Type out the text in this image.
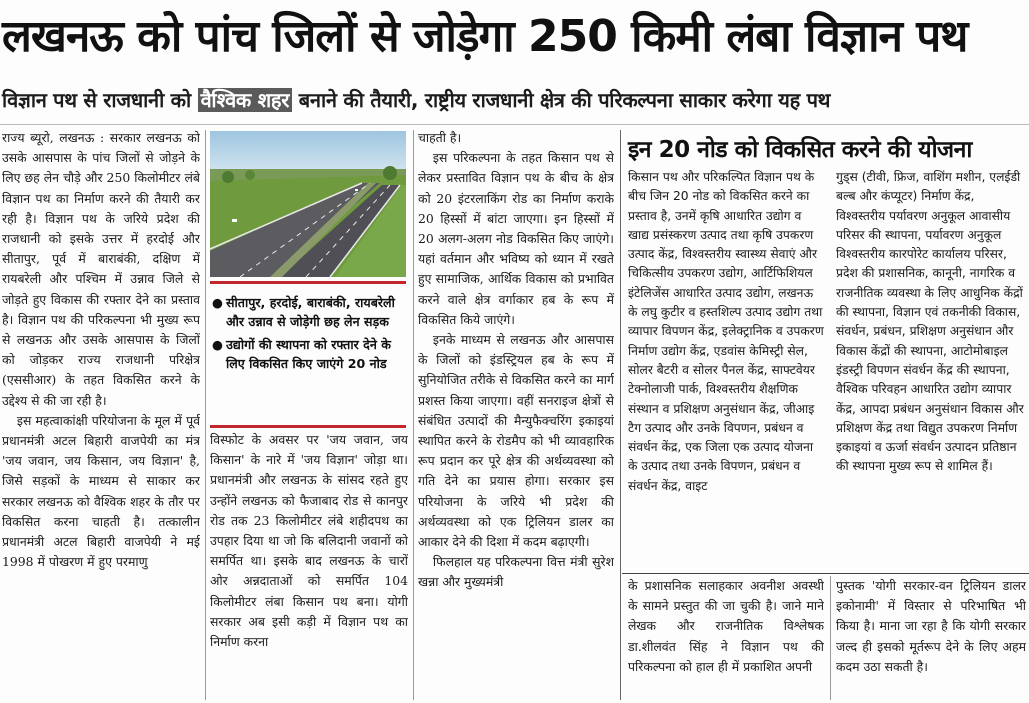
लखनऊ को पांच जिलों से जोड़ेगा 250 किमी लंबा विज्ञान पथ
विज्ञान पथ से राजधानी को वैश्विक शहर बनाने की तैयारी, राष्ट्रीय राजधानी क्षेत्र की परिकल्पना साकार करेगा यह पथ

राज्य ब्यूरो, लखनऊ : सरकार लखनऊ को उसके आसपास के पांच जिलों से जोड़ने के लिए छह लेन चौड़े और 250 किलोमीटर लंबे विज्ञान पथ का निर्माण करने की तैयारी कर रही है। विज्ञान पथ के जरिये प्रदेश की राजधानी को इसके उत्तर में हरदोई और सीतापुर, पूर्व में बाराबंकी, दक्षिण में रायबरेली और पश्चिम में उन्नाव जिले से जोड़ते हुए विकास की रफ्तार देने का प्रस्ताव है। विज्ञान पथ की परिकल्पना भी मुख्य रूप से लखनऊ और उसके आसपास के जिलों को जोड़कर राज्य राजधानी परिक्षेत्र (एससीआर) के तहत विकसित करने के उद्देश्य से की जा रही है।

इस महत्वाकांक्षी परियोजना के मूल में पूर्व प्रधानमंत्री अटल बिहारी वाजपेयी का मंत्र 'जय जवान, जय किसान, जय विज्ञान' है, जिसे सड़कों के माध्यम से साकार कर सरकार लखनऊ को वैश्विक शहर के तौर पर विकसित करना चाहती है। तत्कालीन प्रधानमंत्री अटल बिहारी वाजपेयी ने मई 1998 में पोखरण में हुए परमाणु

● सीतापुर, हरदोई, बाराबंकी, रायबरेली और उन्नाव से जोड़ेगी छह लेन सड़क
● उद्योगों की स्थापना को रफ्तार देने के लिए विकसित किए जाएंगे 20 नोड

विस्फोट के अवसर पर 'जय जवान, जय किसान' के नारे में 'जय विज्ञान' जोड़ा था। प्रधानमंत्री और लखनऊ के सांसद रहते हुए उन्होंने लखनऊ को फैजाबाद रोड से कानपुर रोड तक 23 किलोमीटर लंबे शहीदपथ का उपहार दिया था जो कि बलिदानी जवानों को समर्पित था। इसके बाद लखनऊ के चारों ओर अन्नदाताओं को समर्पित 104 किलोमीटर लंबा किसान पथ बना। योगी सरकार अब इसी कड़ी में विज्ञान पथ का निर्माण करना

चाहती है।

इस परिकल्पना के तहत किसान पथ से लेकर प्रस्तावित विज्ञान पथ के बीच के क्षेत्र को 20 इंटरलाकिंग रोड का निर्माण कराके 20 हिस्सों में बांटा जाएगा। इन हिस्सों में 20 अलग-अलग नोड विकसित किए जाएंगे। यहां वर्तमान और भविष्य को ध्यान में रखते हुए सामाजिक, आर्थिक विकास को प्रभावित करने वाले क्षेत्र वर्गाकार हब के रूप में विकसित किये जाएंगे।

इनके माध्यम से लखनऊ और आसपास के जिलों को इंडस्ट्रियल हब के रूप में सुनियोजित तरीके से विकसित करने का मार्ग प्रशस्त किया जाएगा। वहीं सनराइज क्षेत्रों से संबंधित उत्पादों की मैन्युफैक्चरिंग इकाइयां स्थापित करने के रोडमैप को भी व्यावहारिक रूप प्रदान कर पूरे क्षेत्र की अर्थव्यवस्था को गति देने का प्रयास होगा। सरकार इस परियोजना के जरिये भी प्रदेश की अर्थव्यवस्था को एक ट्रिलियन डालर का आकार देने की दिशा में कदम बढ़ाएगी।

फिलहाल यह परिकल्पना वित्त मंत्री सुरेश खन्ना और मुख्यमंत्री

इन 20 नोड को विकसित करने की योजना
किसान पथ और परिकल्पित विज्ञान पथ के बीच जिन 20 नोड को विकसित करने का प्रस्ताव है, उनमें कृषि आधारित उद्योग व खाद्य प्रसंस्करण उत्पाद तथा कृषि उपकरण उत्पाद केंद्र, विश्वस्तरीय स्वास्थ्य सेवाएं और चिकित्सीय उपकरण उद्योग, आर्टिफिशियल इंटेलिजेंस आधारित उत्पाद उद्योग, लखनऊ के लघु कुटीर व हस्तशिल्प उत्पाद उद्योग तथा व्यापार विपणन केंद्र, इलेक्ट्रानिक व उपकरण निर्माण उद्योग केंद्र, एडवांस केमिस्ट्री सेल, सोलर बैटरी व सोलर पैनल केंद्र, साफ्टवेयर टेक्नोलाजी पार्क, विश्वस्तरीय शैक्षणिक संस्थान व प्रशिक्षण अनुसंधान केंद्र, जीआइ टैग उत्पाद और उनके विपणन, प्रबंधन व संवर्धन केंद्र, एक जिला एक उत्पाद योजना के उत्पाद तथा उनके विपणन, प्रबंधन व संवर्धन केंद्र, वाइट
गुड्स (टीवी, फ्रिज, वाशिंग मशीन, एलईडी बल्ब और कंप्यूटर) निर्माण केंद्र, विश्वस्तरीय पर्यावरण अनुकूल आवासीय परिसर की स्थापना, पर्यावरण अनुकूल विश्वस्तरीय कारपोरेट कार्यालय परिसर, प्रदेश की प्रशासनिक, कानूनी, नागरिक व राजनीतिक व्यवस्था के लिए आधुनिक केंद्रों की स्थापना, विज्ञान एवं तकनीकी विकास, संवर्धन, प्रबंधन, प्रशिक्षण अनुसंधान और विकास केंद्रों की स्थापना, आटोमोबाइल इंडस्ट्री विपणन संवर्धन केंद्र की स्थापना, वैश्विक परिवहन आधारित उद्योग व्यापार केंद्र, आपदा प्रबंधन अनुसंधान विकास और प्रशिक्षण केंद्र तथा विद्युत उपकरण निर्माण इकाइयां व ऊर्जा संवर्धन उत्पादन प्रतिष्ठान की स्थापना मुख्य रूप से शामिल हैं।

के प्रशासनिक सलाहकार अवनीश अवस्थी के सामने प्रस्तुत की जा चुकी है। जाने माने लेखक और राजनीतिक विश्लेषक डा.शीलवंत सिंह ने विज्ञान पथ की परिकल्पना को हाल ही में प्रकाशित अपनी

पुस्तक 'योगी सरकार-वन ट्रिलियन डालर इकोनामी' में विस्तार से परिभाषित भी किया है। माना जा रहा है कि योगी सरकार जल्द ही इसको मूर्तरूप देने के लिए अहम कदम उठा सकती है।
